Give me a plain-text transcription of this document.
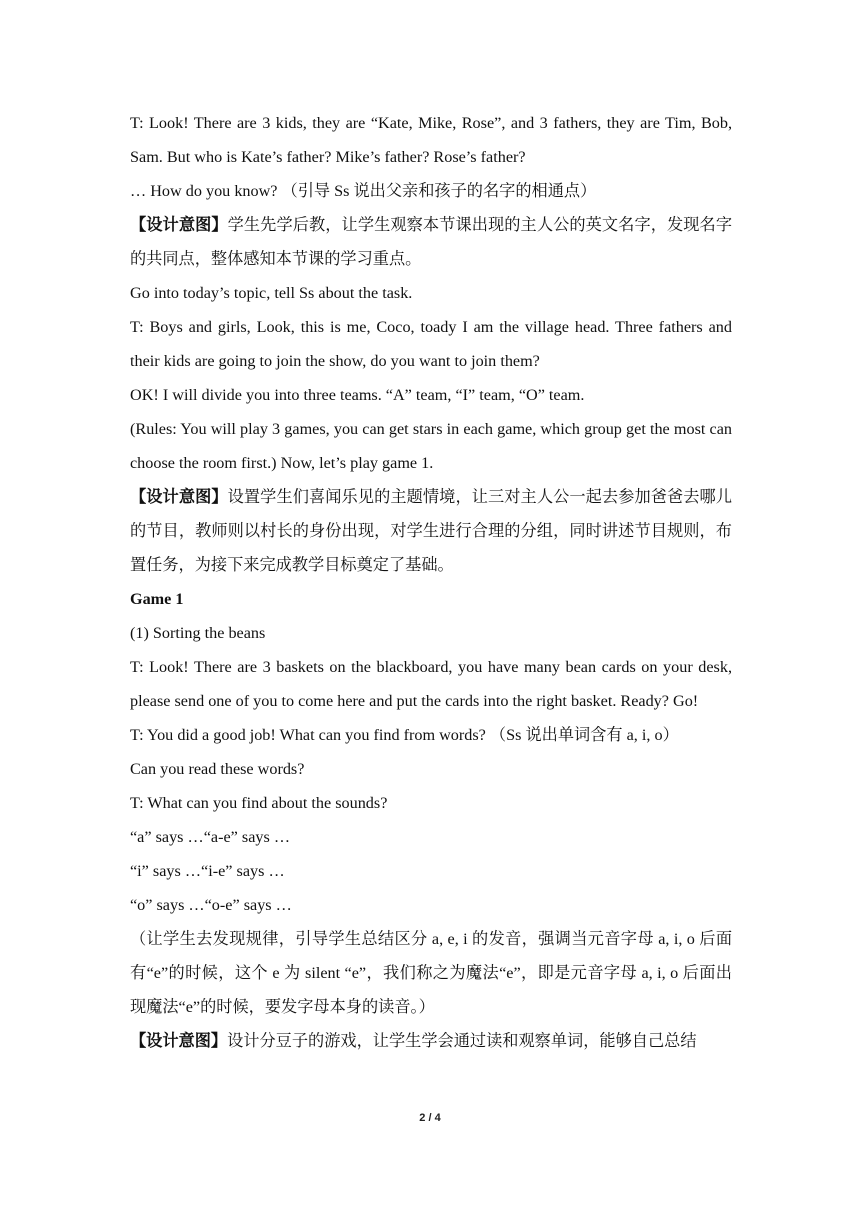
T: Look! There are 3 kids, they are “Kate, Mike, Rose”, and 3 fathers, they are Tim, Bob, Sam. But who is Kate’s father? Mike’s father? Rose’s father?
… How do you know? （引导 Ss 说出父亲和孩子的名字的相通点）
【设计意图】学生先学后教，让学生观察本节课出现的主人公的英文名字，发现名字的共同点，整体感知本节课的学习重点。
Go into today’s topic, tell Ss about the task.
T: Boys and girls, Look, this is me, Coco, toady I am the village head. Three fathers and their kids are going to join the show, do you want to join them?
OK! I will divide you into three teams. “A” team, “I” team, “O” team.
(Rules: You will play 3 games, you can get stars in each game, which group get the most can choose the room first.) Now, let’s play game 1.
【设计意图】设置学生们喜闻乐见的主题情境，让三对主人公一起去参加爸爸去哪儿的节目，教师则以村长的身份出现，对学生进行合理的分组，同时讲述节目规则，布置任务，为接下来完成教学目标奠定了基础。
Game 1
(1) Sorting the beans
T: Look! There are 3 baskets on the blackboard, you have many bean cards on your desk, please send one of you to come here and put the cards into the right basket. Ready? Go!
T: You did a good job! What can you find from words? （Ss 说出单词含有 a, i, o）
Can you read these words?
T: What can you find about the sounds?
“a” says …“a-e” says …
“i” says …“i-e” says …
“o” says …“o-e” says …
（让学生去发现规律，引导学生总结区分 a, e, i 的发音，强调当元音字母 a, i, o 后面有“e”的时候，这个 e 为 silent “e”，我们称之为魔法“e”，即是元音字母 a, i, o 后面出现魔法“e”的时候，要发字母本身的读音。）
【设计意图】设计分豆子的游戏，让学生学会通过读和观察单词，能够自己总结
2 / 4
